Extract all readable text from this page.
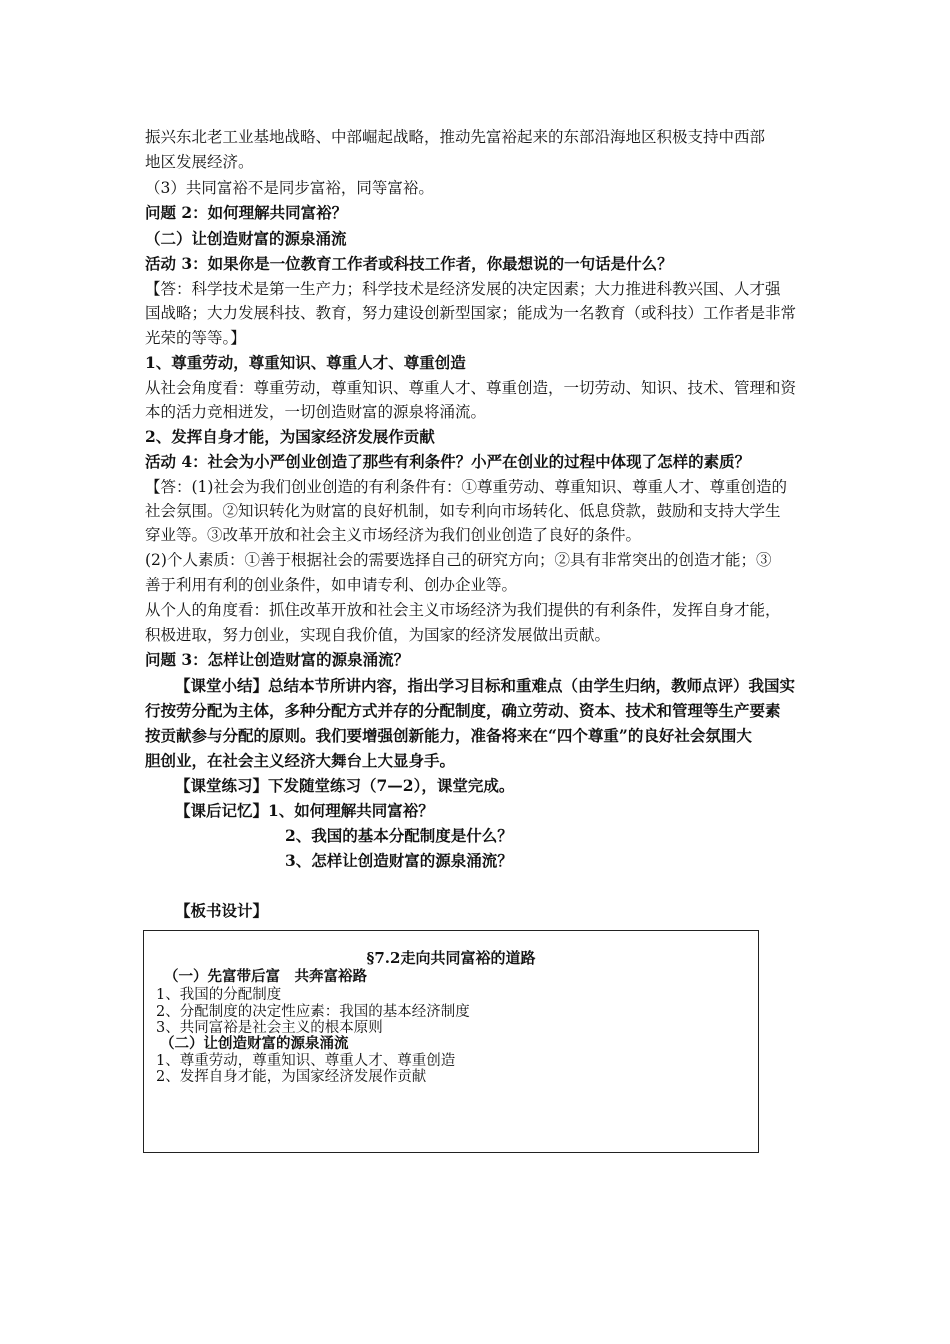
振兴东北老工业基地战略、中部崛起战略，推动先富裕起来的东部沿海地区积极支持中西部
地区发展经济。
（3）共同富裕不是同步富裕，同等富裕。
问题 2：如何理解共同富裕？
（二）让创造财富的源泉涌流
活动 3：如果你是一位教育工作者或科技工作者，你最想说的一句话是什么？
【答：科学技术是第一生产力；科学技术是经济发展的决定因素；大力推进科教兴国、人才强
国战略；大力发展科技、教育，努力建设创新型国家；能成为一名教育（或科技）工作者是非常
光荣的等等。】
1、尊重劳动，尊重知识、尊重人才、尊重创造
从社会角度看：尊重劳动，尊重知识、尊重人才、尊重创造，一切劳动、知识、技术、管理和资
本的活力竞相迸发，一切创造财富的源泉将涌流。
2、发挥自身才能，为国家经济发展作贡献
活动 4：社会为小严创业创造了那些有利条件？小严在创业的过程中体现了怎样的素质？
【答：(1)社会为我们创业创造的有利条件有：①尊重劳动、尊重知识、尊重人才、尊重创造的
社会氛围。②知识转化为财富的良好机制，如专利向市场转化、低息贷款，鼓励和支持大学生
穿业等。③改革开放和社会主义市场经济为我们创业创造了良好的条件。
(2)个人素质：①善于根据社会的需要选择自己的研究方向；②具有非常突出的创造才能；③
善于利用有利的创业条件，如申请专利、创办企业等。
从个人的角度看：抓住改革开放和社会主义市场经济为我们提供的有利条件，发挥自身才能，
积极进取，努力创业，实现自我价值，为国家的经济发展做出贡献。
问题 3：怎样让创造财富的源泉涌流？
【课堂小结】总结本节所讲内容，指出学习目标和重难点（由学生归纳，教师点评）我国实
行按劳分配为主体，多种分配方式并存的分配制度，确立劳动、资本、技术和管理等生产要素
按贡献参与分配的原则。我们要增强创新能力，准备将来在“四个尊重”的良好社会氛围大
胆创业，在社会主义经济大舞台上大显身手。
【课堂练习】下发随堂练习（7—2），课堂完成。
【课后记忆】1、如何理解共同富裕？
2、我国的基本分配制度是什么？
3、怎样让创造财富的源泉涌流？
【板书设计】
§7.2走向共同富裕的道路
（一）先富带后富　共奔富裕路
1、我国的分配制度
2、分配制度的决定性应素：我国的基本经济制度
3、共同富裕是社会主义的根本原则
（二）让创造财富的源泉涌流
1、尊重劳动，尊重知识、尊重人才、尊重创造
2、发挥自身才能，为国家经济发展作贡献
